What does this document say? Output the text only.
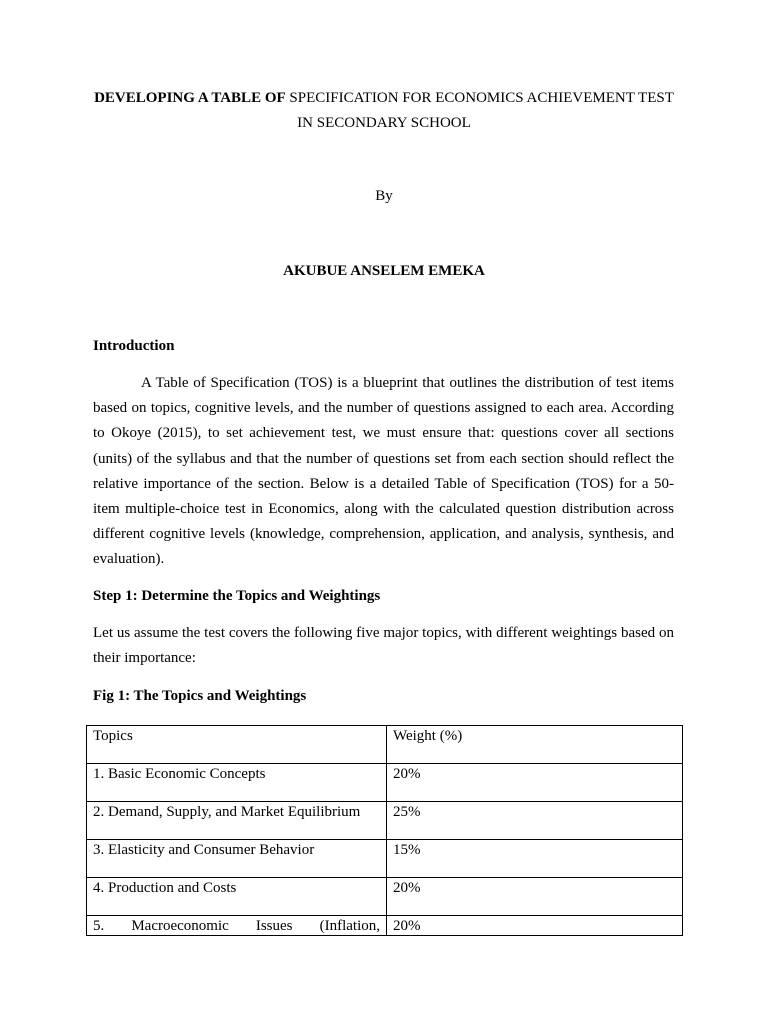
DEVELOPING A TABLE OF SPECIFICATION FOR ECONOMICS ACHIEVEMENT TEST IN SECONDARY SCHOOL
By
AKUBUE ANSELEM EMEKA
Introduction
A Table of Specification (TOS) is a blueprint that outlines the distribution of test items based on topics, cognitive levels, and the number of questions assigned to each area. According to Okoye (2015), to set achievement test, we must ensure that: questions cover all sections (units) of the syllabus and that the number of questions set from each section should reflect the relative importance of the section. Below is a detailed Table of Specification (TOS) for a 50-item multiple-choice test in Economics, along with the calculated question distribution across different cognitive levels (knowledge, comprehension, application, and analysis, synthesis, and evaluation).
Step 1: Determine the Topics and Weightings
Let us assume the test covers the following five major topics, with different weightings based on their importance:
Fig 1: The Topics and Weightings
Topics	Weight (%)
1. Basic Economic Concepts	20%
2. Demand, Supply, and Market Equilibrium	25%
3. Elasticity and Consumer Behavior	15%
4. Production and Costs	20%

5. Macroeconomic Issues (Inflation,	20%
